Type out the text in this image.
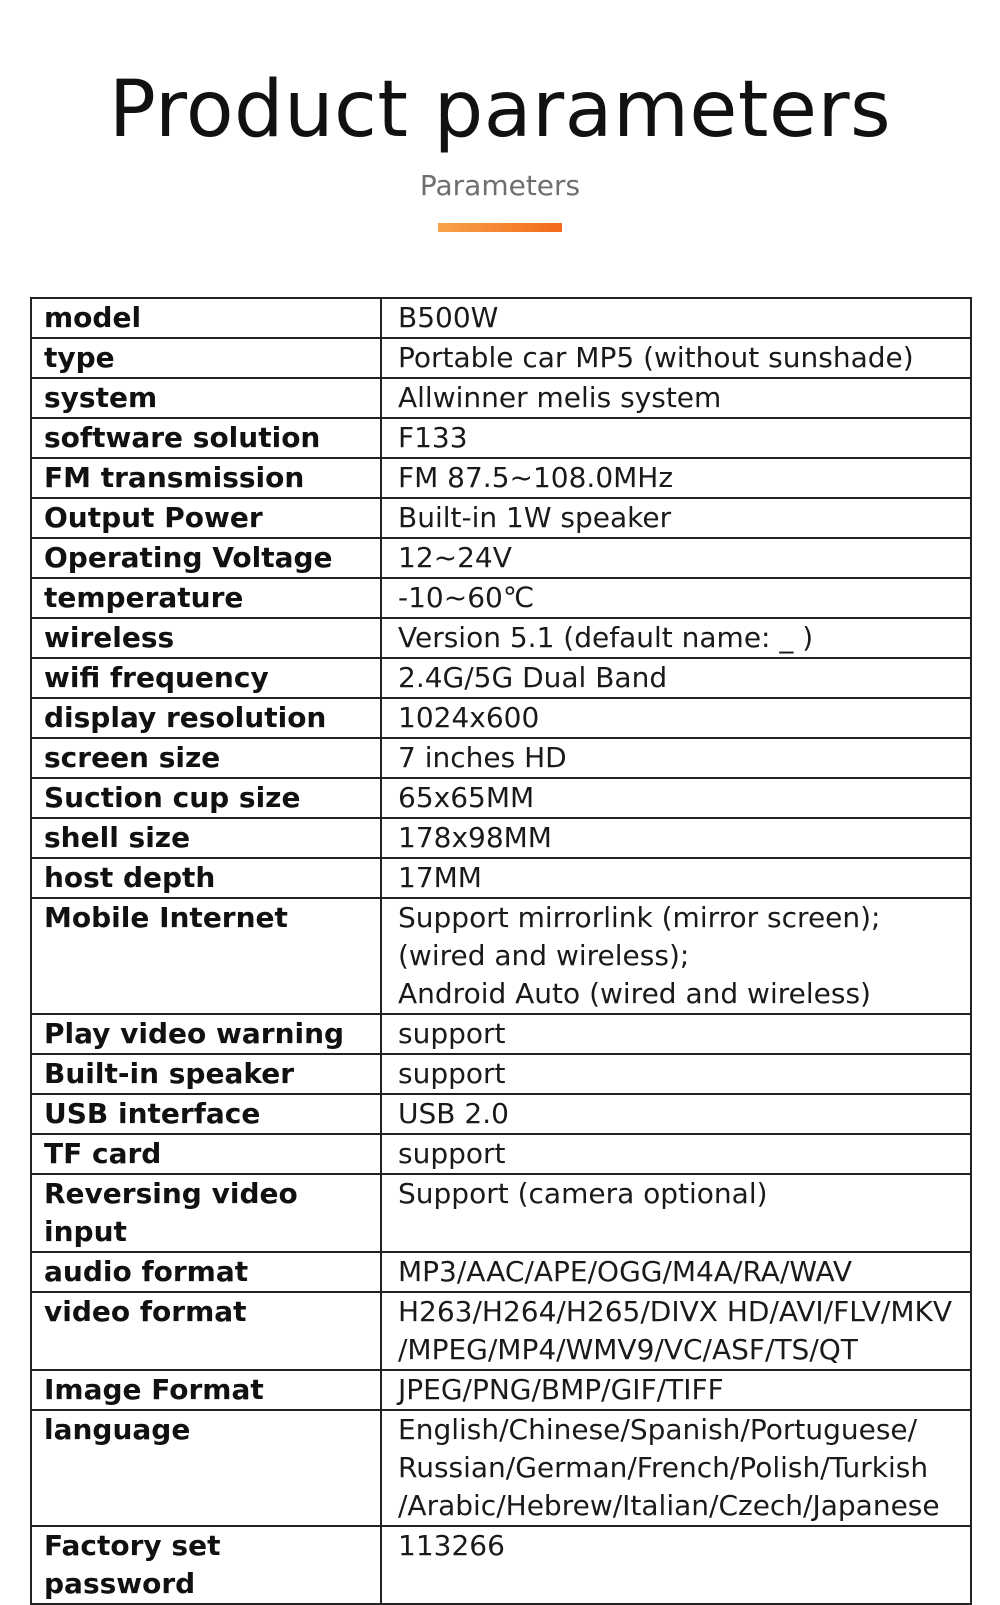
Product parameters
Parameters
model	B500W
type	Portable car MP5 (without sunshade)
system	Allwinner melis system
software solution	F133
FM transmission	FM 87.5~108.0MHz
Output Power	Built-in 1W speaker
Operating Voltage	12~24V
temperature	-10~60℃
wireless	Version 5.1 (default name: _ )
wifi frequency	2.4G/5G Dual Band
display resolution	1024x600
screen size	7 inches HD
Suction cup size	65x65MM
shell size	178x98MM
host depth	17MM
Mobile Internet	Support mirrorlink (mirror screen);
(wired and wireless);
Android Auto (wired and wireless)
Play video warning	support
Built-in speaker	support
USB interface	USB 2.0
TF card	support
Reversing video input	Support (camera optional)
audio format	MP3/AAC/APE/OGG/M4A/RA/WAV
video format	H263/H264/H265/DIVX HD/AVI/FLV/MKV
/MPEG/MP4/WMV9/VC/ASF/TS/QT
Image Format	JPEG/PNG/BMP/GIF/TIFF
language	English/Chinese/Spanish/Portuguese/
Russian/German/French/Polish/Turkish
/Arabic/Hebrew/Italian/Czech/Japanese
Factory set password	113266
